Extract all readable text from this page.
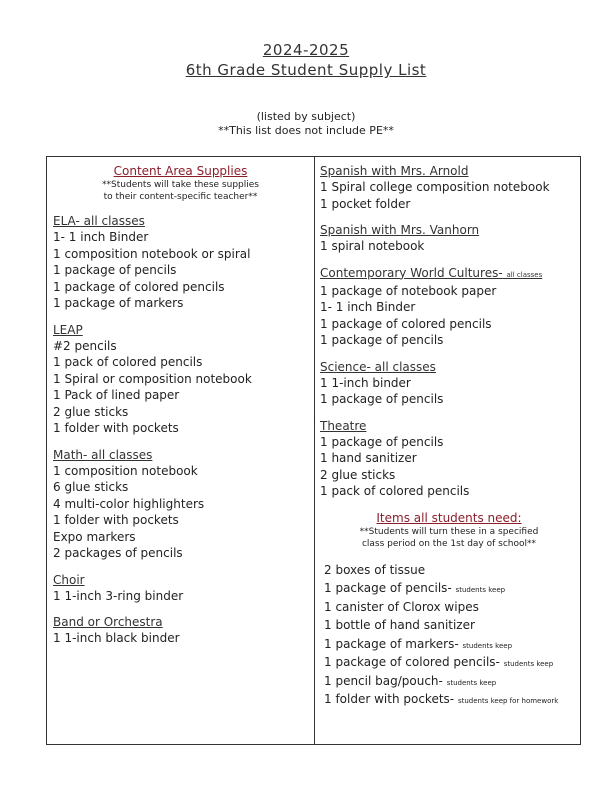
2024-2025
6th Grade Student Supply List
(listed by subject)
**This list does not include PE**
Content Area Supplies
**Students will take these supplies
to their content-specific teacher**
ELA- all classes
1- 1 inch Binder
1 composition notebook or spiral
1 package of pencils
1 package of colored pencils
1 package of markers
LEAP
#2 pencils
1 pack of colored pencils
1 Spiral or composition notebook
1 Pack of lined paper
2 glue sticks
1 folder with pockets
Math- all classes
1 composition notebook
6 glue sticks
4 multi-color highlighters
1 folder with pockets
Expo markers
2 packages of pencils
Choir
1 1-inch 3-ring binder
Band or Orchestra
1 1-inch black binder
Spanish with Mrs. Arnold
1 Spiral college composition notebook
1 pocket folder
Spanish with Mrs. Vanhorn
1 spiral notebook
Contemporary World Cultures- all classes
1 package of notebook paper
1- 1 inch Binder
1 package of colored pencils
1 package of pencils
Science- all classes
1 1-inch binder
1 package of pencils
Theatre
1 package of pencils
1 hand sanitizer
2 glue sticks
1 pack of colored pencils
Items all students need:
**Students will turn these in a specified
class period on the 1st day of school**
2 boxes of tissue
1 package of pencils- students keep
1 canister of Clorox wipes
1 bottle of hand sanitizer
1 package of markers- students keep
1 package of colored pencils- students keep
1 pencil bag/pouch- students keep
1 folder with pockets- students keep for homework
